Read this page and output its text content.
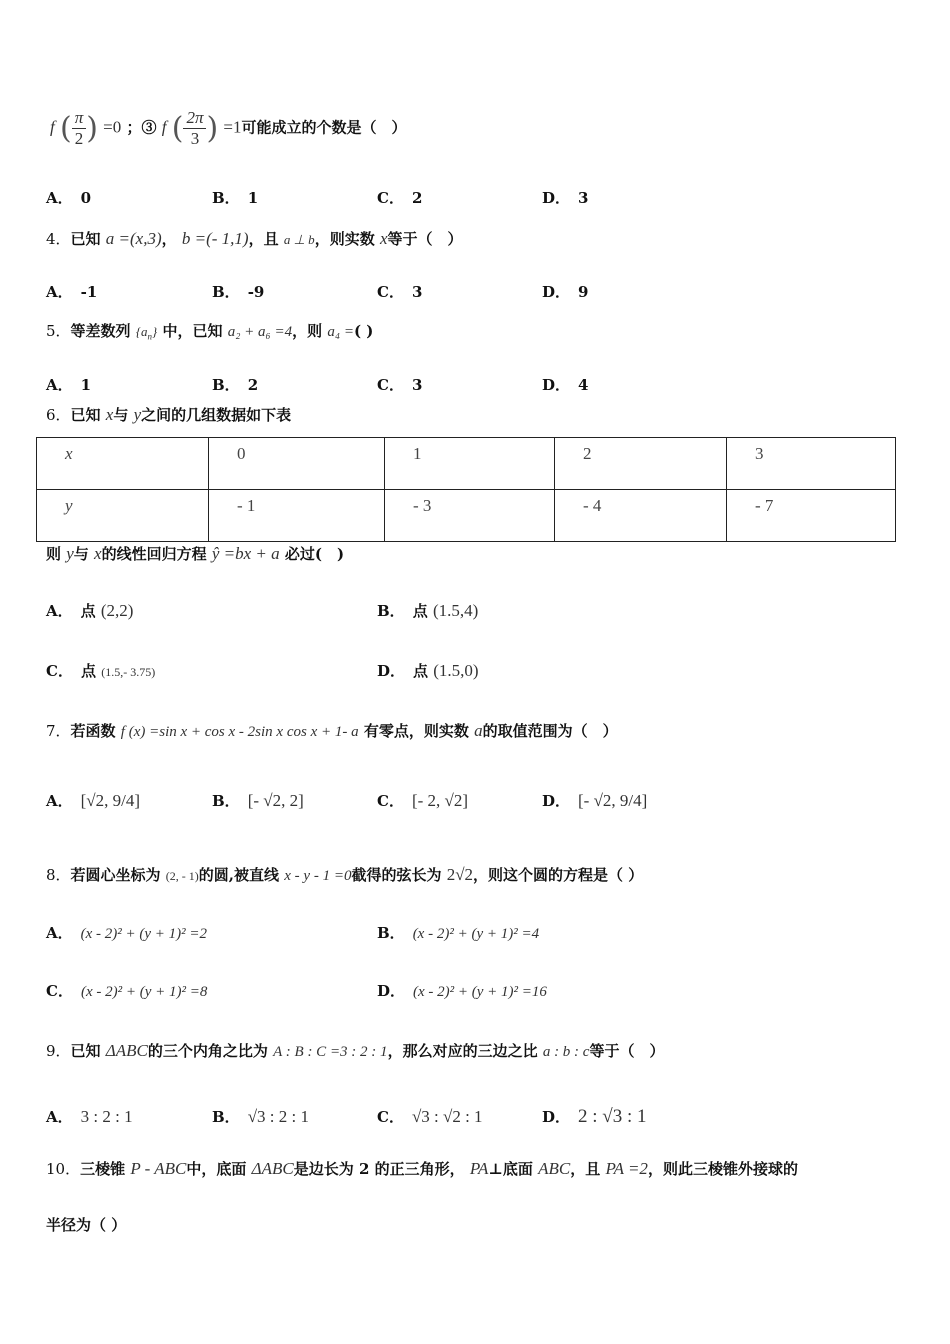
f ( $\frac{\pi}{2}$ ) =0 ；③ f ( $\frac{2\pi}{3}$ ) =1可能成立的个数是（　）
A． 0	B． 1	C． 2	D． 3
4．已知 a =(x,3)， b =(- 1,1)，且 a ⊥ b，则实数 x等于（　）
A． -1	B． -9	C． 3	D． 9
5．等差数列 $\{a_n\}$ 中，已知 a₂ + a₆ =4，则 a₄ =( )
A． 1	B． 2	C． 3	D． 4
6．已知 x与 y之间的几组数据如下表
x	0	1	2	3
y	- 1	- 3	- 4	- 7
则 y与 x的线性回归方程 ŷ =bx + a 必过(　)
A． 点 (2,2)	B． 点 (1.5,4)
C． 点 (1.5,- 3.75)	D． 点 (1.5,0)
7．若函数 f (x) =sin x + cos x - 2sin x cos x + 1- a 有零点，则实数 a的取值范围为（　）
A． [√2, 9/4]	B． [- √2, 2]	C． [- 2, √2]	D． [- √2, 9/4]
8．若圆心坐标为 (2, - 1)的圆,被直线 x - y - 1 =0截得的弦长为 2√2，则这个圆的方程是（ ）
A． (x - 2)² + (y + 1)² =2	B． (x - 2)² + (y + 1)² =4
C． (x - 2)² + (y + 1)² =8	D． (x - 2)² + (y + 1)² =16
9．已知 ΔABC的三个内角之比为 A : B : C =3 : 2 : 1，那么对应的三边之比 a : b : c等于（　）
A． 3 : 2 : 1	B． √3 : 2 : 1	C． √3 : √2 : 1	D． 2 : √3 : 1
10．三棱锥 P - ABC中，底面 ΔABC是边长为 2 的正三角形， PA⊥底面 ABC，且 PA =2，则此三棱锥外接球的
半径为（ ）
